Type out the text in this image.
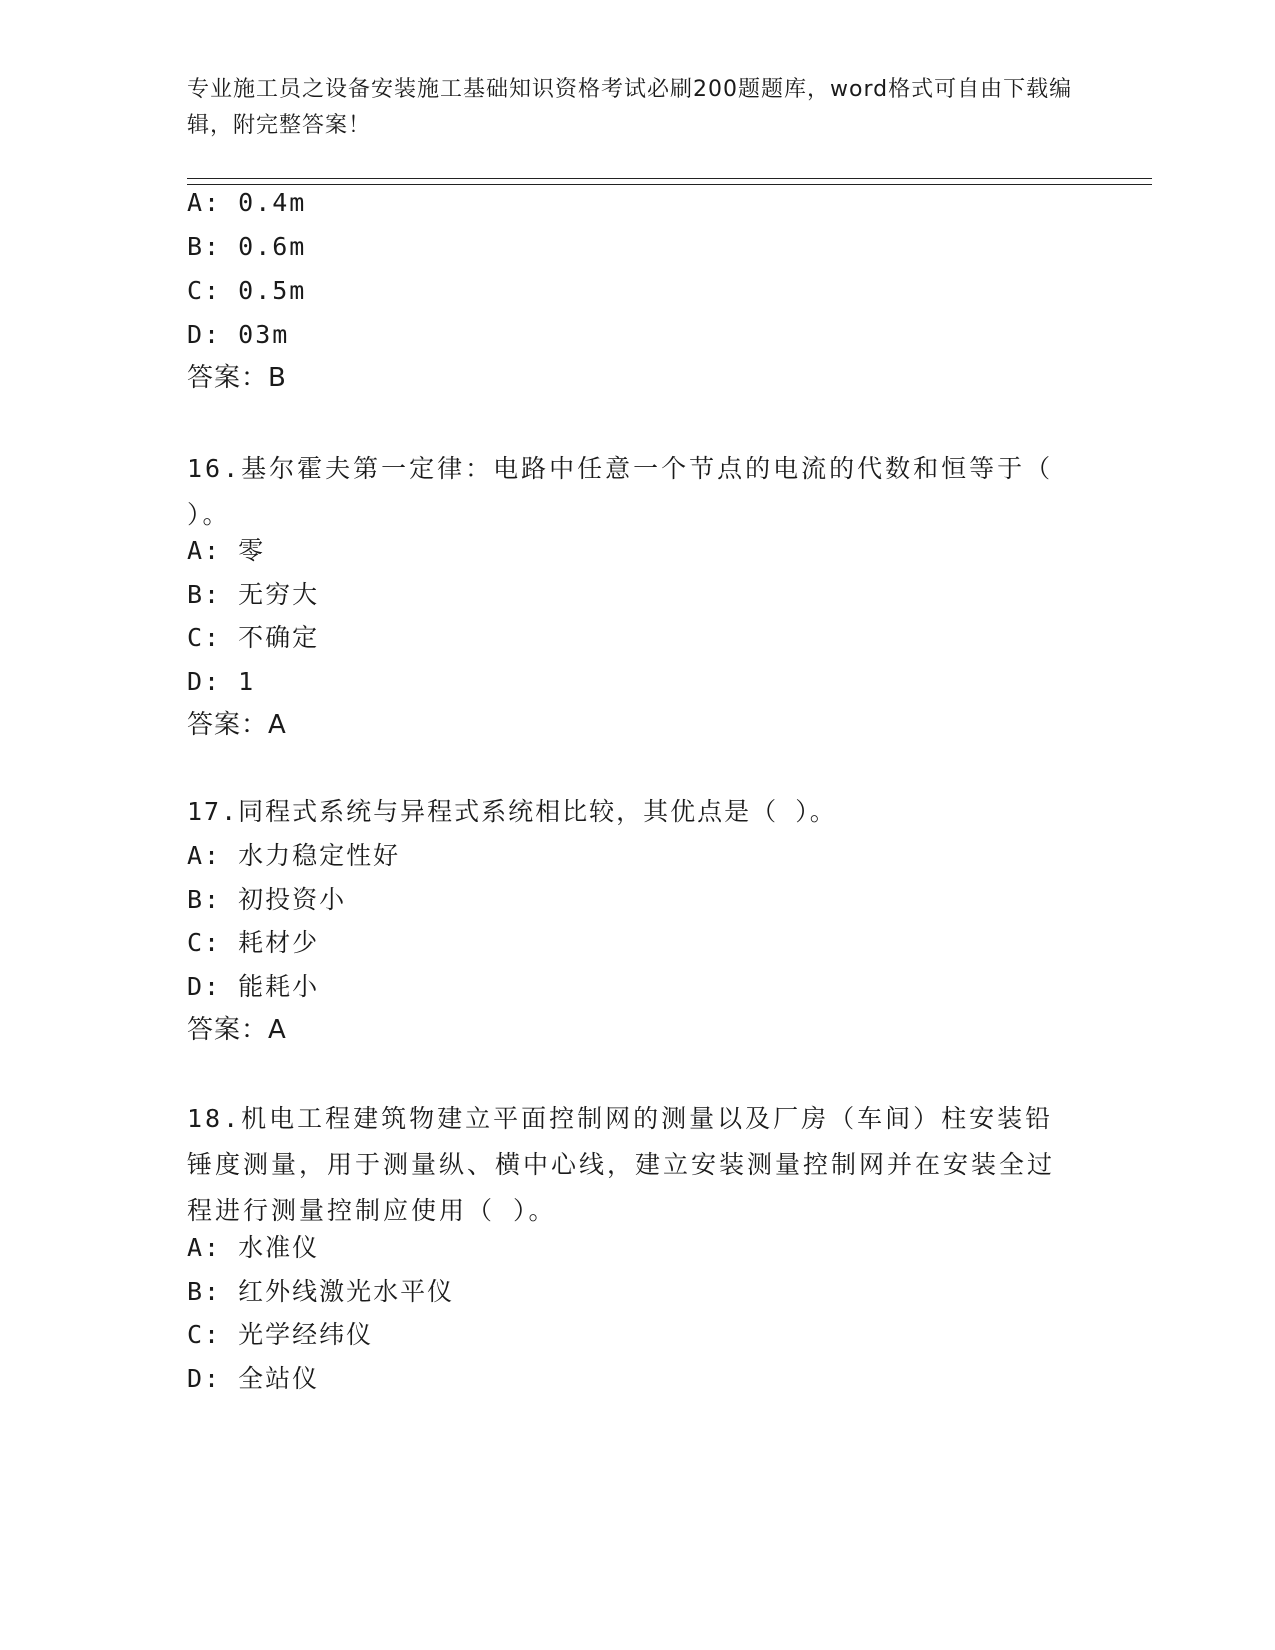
专业施工员之设备安装施工基础知识资格考试必刷200题题库，word格式可自由下载编辑，附完整答案！
A: 0.4m
B: 0.6m
C: 0.5m
D: 03m
答案：B
16.基尔霍夫第一定律：电路中任意一个节点的电流的代数和恒等于（ ）。
A: 零
B: 无穷大
C: 不确定
D: 1
答案：A
17.同程式系统与异程式系统相比较，其优点是（ ）。
A: 水力稳定性好
B: 初投资小
C: 耗材少
D: 能耗小
答案：A
18.机电工程建筑物建立平面控制网的测量以及厂房（车间）柱安装铅锤度测量，用于测量纵、横中心线，建立安装测量控制网并在安装全过程进行测量控制应使用（ ）。
A: 水准仪
B: 红外线激光水平仪
C: 光学经纬仪
D: 全站仪
